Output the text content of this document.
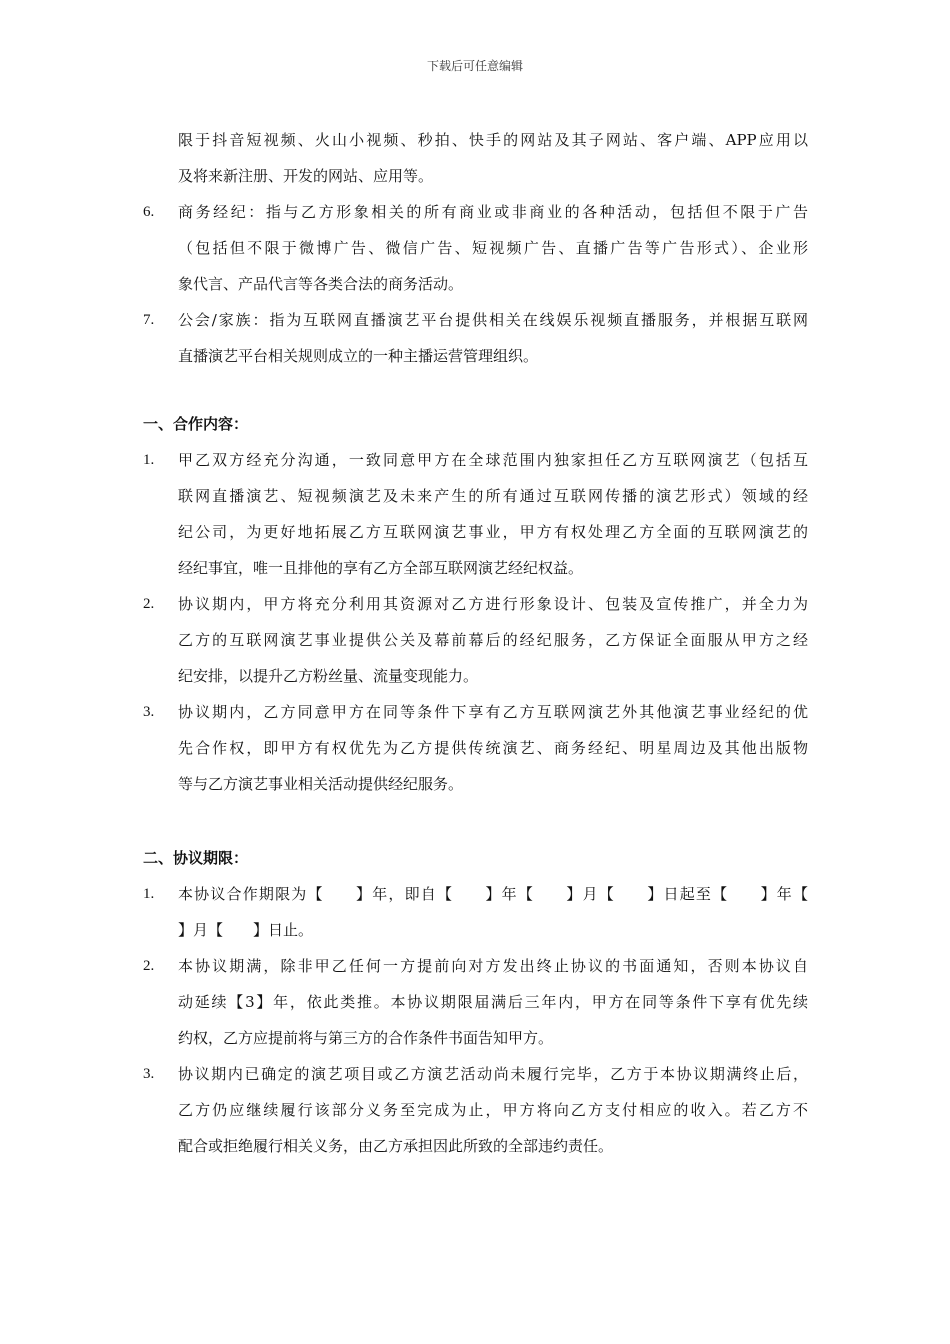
下载后可任意编辑
限于抖音短视频、火山小视频、秒拍、快手的网站及其子网站、客户端、APP应用以
及将来新注册、开发的网站、应用等。
6.	商务经纪：指与乙方形象相关的所有商业或非商业的各种活动，包括但不限于广告
（包括但不限于微博广告、微信广告、短视频广告、直播广告等广告形式）、企业形
象代言、产品代言等各类合法的商务活动。
7.	公会/家族：指为互联网直播演艺平台提供相关在线娱乐视频直播服务，并根据互联网
直播演艺平台相关规则成立的一种主播运营管理组织。
一、合作内容：
1.	甲乙双方经充分沟通，一致同意甲方在全球范围内独家担任乙方互联网演艺（包括互
联网直播演艺、短视频演艺及未来产生的所有通过互联网传播的演艺形式）领域的经
纪公司，为更好地拓展乙方互联网演艺事业，甲方有权处理乙方全面的互联网演艺的
经纪事宜，唯一且排他的享有乙方全部互联网演艺经纪权益。
2.	协议期内，甲方将充分利用其资源对乙方进行形象设计、包装及宣传推广，并全力为
乙方的互联网演艺事业提供公关及幕前幕后的经纪服务，乙方保证全面服从甲方之经
纪安排，以提升乙方粉丝量、流量变现能力。
3.	协议期内，乙方同意甲方在同等条件下享有乙方互联网演艺外其他演艺事业经纪的优
先合作权，即甲方有权优先为乙方提供传统演艺、商务经纪、明星周边及其他出版物
等与乙方演艺事业相关活动提供经纪服务。
二、协议期限：
1.	本协议合作期限为【　　】年，即自【　　】年【　　】月【　　】日起至【　　】年【
】月【　　】日止。
2.	本协议期满，除非甲乙任何一方提前向对方发出终止协议的书面通知，否则本协议自
动延续【3】年，依此类推。本协议期限届满后三年内，甲方在同等条件下享有优先续
约权，乙方应提前将与第三方的合作条件书面告知甲方。
3.	协议期内已确定的演艺项目或乙方演艺活动尚未履行完毕，乙方于本协议期满终止后，
乙方仍应继续履行该部分义务至完成为止，甲方将向乙方支付相应的收入。若乙方不
配合或拒绝履行相关义务，由乙方承担因此所致的全部违约责任。
